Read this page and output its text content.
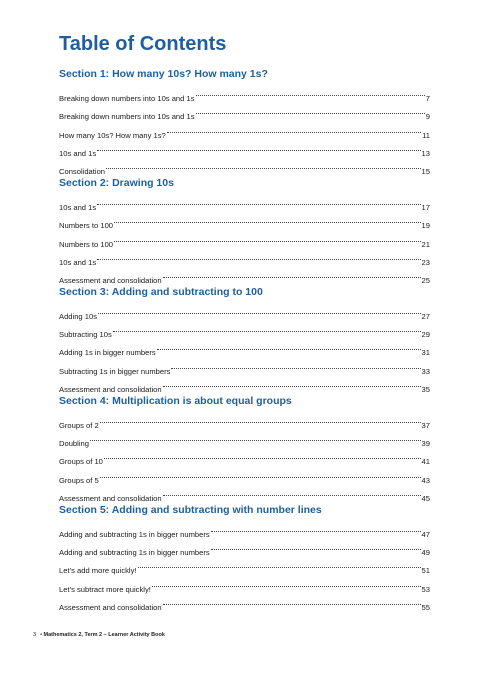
Table of Contents
Section 1: How many 10s? How many 1s?
Breaking down numbers into 10s and 1s	7
Breaking down numbers into 10s and 1s	9
How many 10s? How many 1s?	11
10s and 1s	13
Consolidation	15
Section 2: Drawing 10s
10s and 1s	17
Numbers to 100	19
Numbers to 100	21
10s and 1s	23
Assessment and consolidation	25
Section 3: Adding and subtracting to 100
Adding 10s	27
Subtracting 10s	29
Adding 1s in bigger numbers	31
Subtracting 1s in bigger numbers	33
Assessment and consolidation	35
Section 4: Multiplication is about equal groups
Groups of 2	37
Doubling	39
Groups of 10	41
Groups of 5	43
Assessment and consolidation	45
Section 5: Adding and subtracting with number lines
Adding and subtracting 1s in bigger numbers	47
Adding and subtracting 1s in bigger numbers	49
Let’s add more quickly!	51
Let’s subtract more quickly!	53
Assessment and consolidation	55
3 • Mathematics 2, Term 2 – Learner Activity Book
